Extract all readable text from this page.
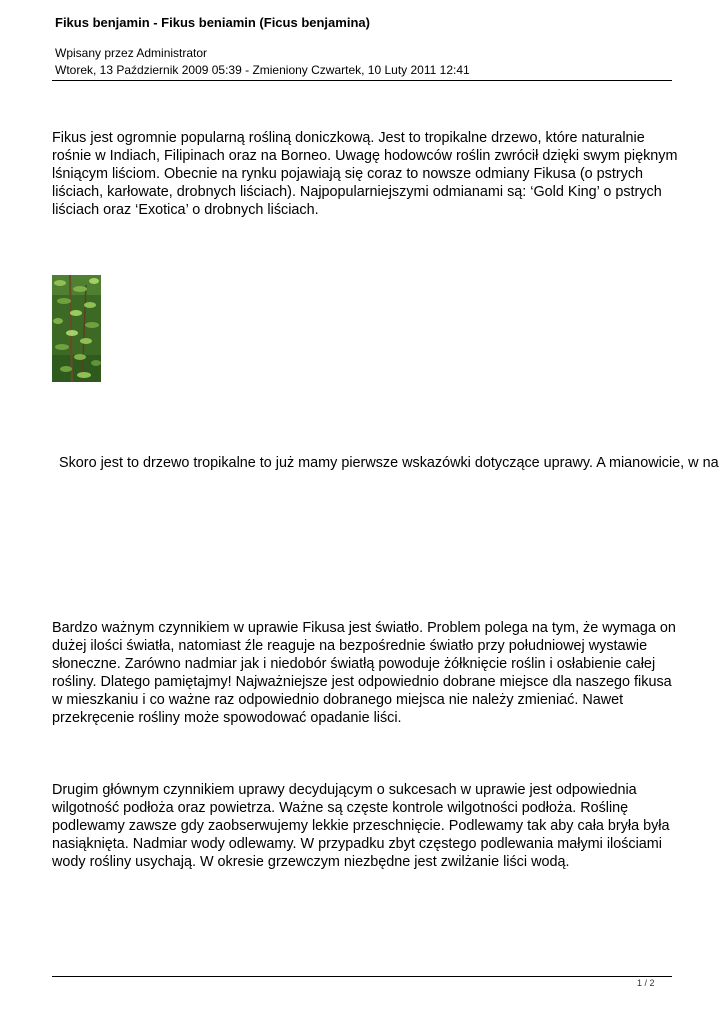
Fikus benjamin - Fikus beniamin (Ficus benjamina)
Wpisany przez Administrator
Wtorek, 13 Październik 2009 05:39 - Zmieniony Czwartek, 10 Luty 2011 12:41

Fikus jest ogromnie popularną rośliną doniczkową. Jest to tropikalne drzewo, które naturalnie rośnie w Indiach, Filipinach oraz na Borneo. Uwagę hodowców roślin zwrócił dzięki swym pięknym lśniącym liściom. Obecnie na rynku pojawiają się coraz to nowsze odmiany Fikusa (o pstrych liściach, karłowate, drobnych liściach). Najpopularniejszymi odmianami są: ‘Gold King’ o pstrych liściach oraz ‘Exotica’ o drobnych liściach.

Skoro jest to drzewo tropikalne to już mamy pierwsze wskazówki dotyczące uprawy. A mianowicie, w na

Bardzo ważnym czynnikiem w uprawie Fikusa jest światło. Problem polega na tym, że wymaga on dużej ilości światła, natomiast źle reaguje na bezpośrednie światło przy południowej wystawie słoneczne. Zarówno nadmiar jak i niedobór światłą powoduje żółknięcie roślin i osłabienie całej rośliny. Dlatego pamiętajmy! Najważniejsze jest odpowiednio dobrane miejsce dla naszego fikusa w mieszkaniu i co ważne raz odpowiednio dobranego miejsca nie należy zmieniać. Nawet przekręcenie rośliny może spowodować opadanie liści.

Drugim głównym czynnikiem uprawy decydującym o sukcesach w uprawie jest odpowiednia wilgotność podłoża oraz powietrza. Ważne są częste kontrole wilgotności podłoża. Roślinę podlewamy zawsze gdy zaobserwujemy lekkie przeschnięcie. Podlewamy tak aby cała bryła była nasiąknięta. Nadmiar wody odlewamy. W przypadku zbyt częstego podlewania małymi ilościami wody rośliny usychają. W okresie grzewczym niezbędne jest zwilżanie liści wodą.

1 / 2
